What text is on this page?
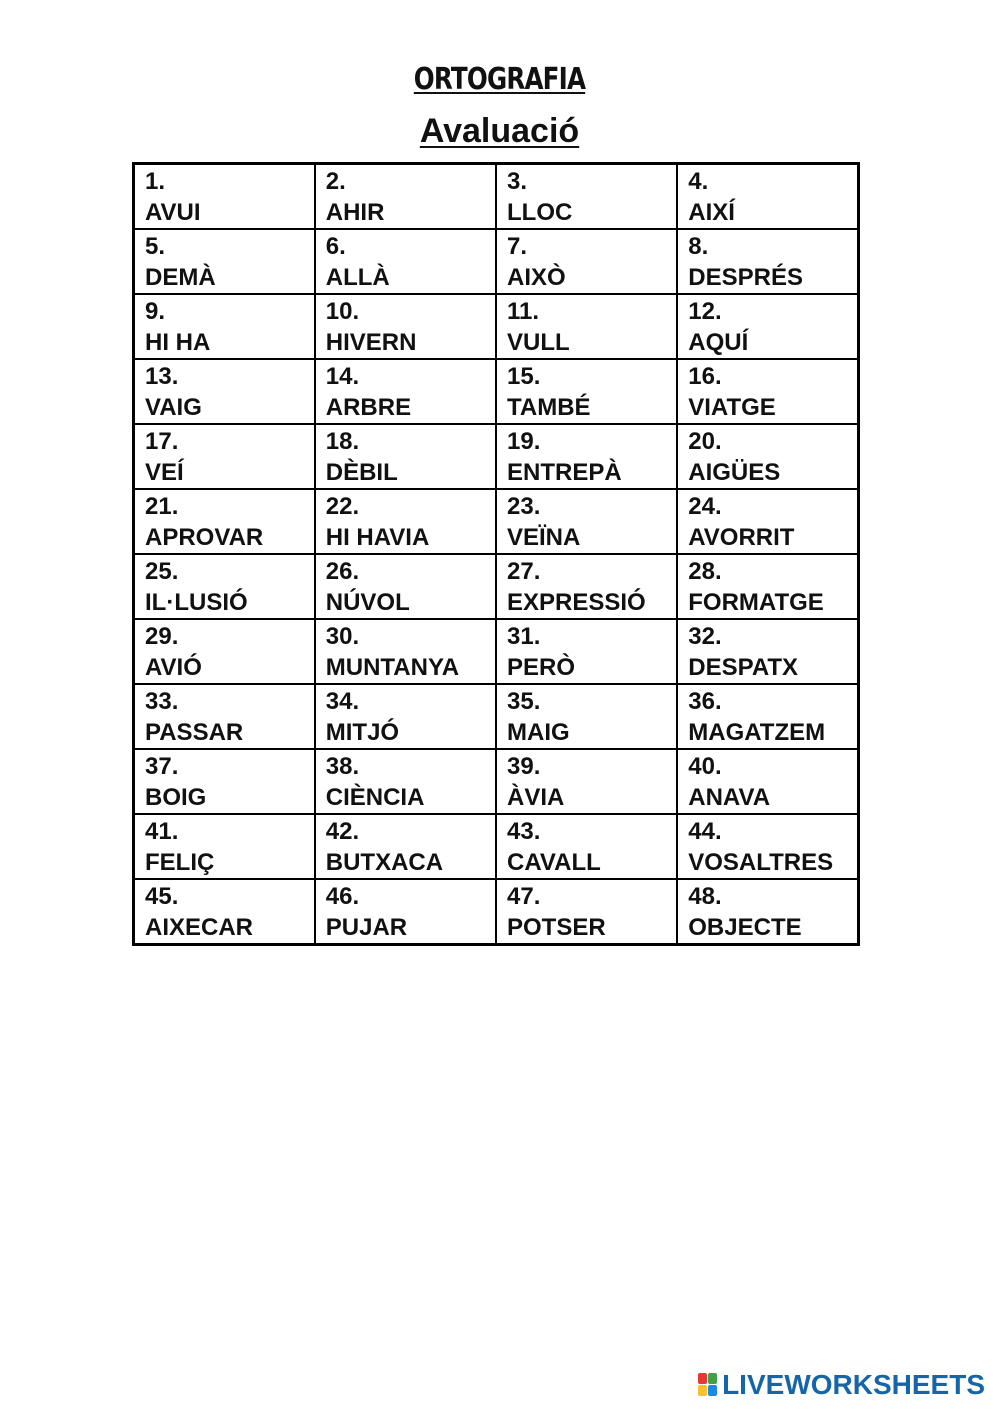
ORTOGRAFIA
Avaluació
1.
AVUI	2.
AHIR	3.
LLOC	4.
AIXÍ

5.
DEMÀ	6.
ALLÀ	7.
AIXÒ	8.
DESPRÉS

9.
HI HA	10.
HIVERN	11.
VULL	12.
AQUÍ

13.
VAIG	14.
ARBRE	15.
TAMBÉ	16.
VIATGE

17.
VEÍ	18.
DÈBIL	19.
ENTREPÀ	20.
AIGÜES

21.
APROVAR	22.
HI HAVIA	23.
VEÏNA	24.
AVORRIT

25.
IL·LUSIÓ	26.
NÚVOL	27.
EXPRESSIÓ	28.
FORMATGE

29.
AVIÓ	30.
MUNTANYA	31.
PERÒ	32.
DESPATX

33.
PASSAR	34.
MITJÓ	35.
MAIG	36.
MAGATZEM

37.
BOIG	38.
CIÈNCIA	39.
ÀVIA	40.
ANAVA

41.
FELIÇ	42.
BUTXACA	43.
CAVALL	44.
VOSALTRES

45.
AIXECAR	46.
PUJAR	47.
POTSER	48.
OBJECTE
LIVEWORKSHEETS
